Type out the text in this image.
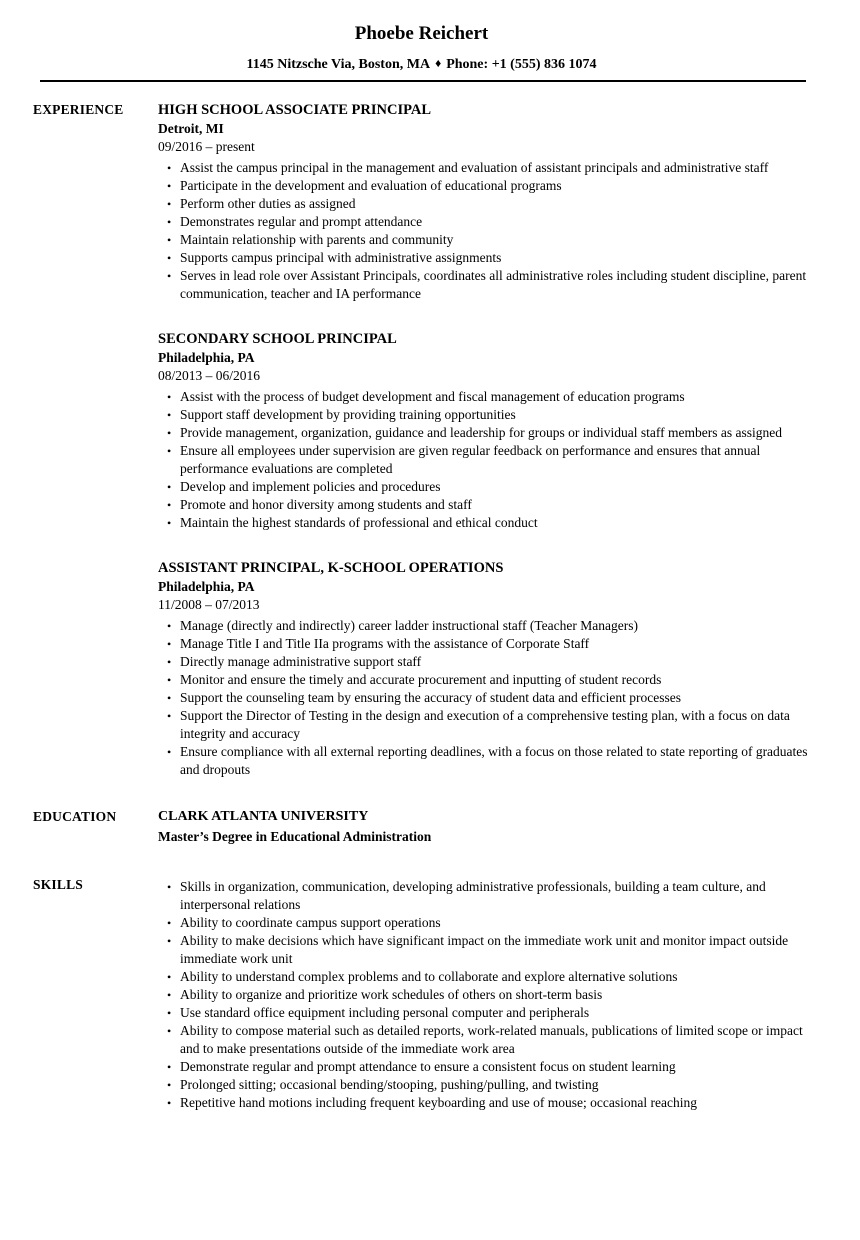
Phoebe Reichert
1145 Nitzsche Via, Boston, MA ♦ Phone: +1 (555) 836 1074
EXPERIENCE	HIGH SCHOOL ASSOCIATE PRINCIPAL
Detroit, MI
09/2016 – present
• Assist the campus principal in the management and evaluation of assistant principals and administrative staff
• Participate in the development and evaluation of educational programs
• Perform other duties as assigned
• Demonstrates regular and prompt attendance
• Maintain relationship with parents and community
• Supports campus principal with administrative assignments
• Serves in lead role over Assistant Principals, coordinates all administrative roles including student discipline, parent communication, teacher and IA performance
SECONDARY SCHOOL PRINCIPAL
Philadelphia, PA
08/2013 – 06/2016
• Assist with the process of budget development and fiscal management of education programs
• Support staff development by providing training opportunities
• Provide management, organization, guidance and leadership for groups or individual staff members as assigned
• Ensure all employees under supervision are given regular feedback on performance and ensures that annual performance evaluations are completed
• Develop and implement policies and procedures
• Promote and honor diversity among students and staff
• Maintain the highest standards of professional and ethical conduct
ASSISTANT PRINCIPAL, K-SCHOOL OPERATIONS
Philadelphia, PA
11/2008 – 07/2013
• Manage (directly and indirectly) career ladder instructional staff (Teacher Managers)
• Manage Title I and Title IIa programs with the assistance of Corporate Staff
• Directly manage administrative support staff
• Monitor and ensure the timely and accurate procurement and inputting of student records
• Support the counseling team by ensuring the accuracy of student data and efficient processes
• Support the Director of Testing in the design and execution of a comprehensive testing plan, with a focus on data integrity and accuracy
• Ensure compliance with all external reporting deadlines, with a focus on those related to state reporting of graduates and dropouts
EDUCATION	CLARK ATLANTA UNIVERSITY
Master’s Degree in Educational Administration
SKILLS	• Skills in organization, communication, developing administrative professionals, building a team culture, and interpersonal relations
• Ability to coordinate campus support operations
• Ability to make decisions which have significant impact on the immediate work unit and monitor impact outside immediate work unit
• Ability to understand complex problems and to collaborate and explore alternative solutions
• Ability to organize and prioritize work schedules of others on short-term basis
• Use standard office equipment including personal computer and peripherals
• Ability to compose material such as detailed reports, work-related manuals, publications of limited scope or impact and to make presentations outside of the immediate work area
• Demonstrate regular and prompt attendance to ensure a consistent focus on student learning
• Prolonged sitting; occasional bending/stooping, pushing/pulling, and twisting
• Repetitive hand motions including frequent keyboarding and use of mouse; occasional reaching
